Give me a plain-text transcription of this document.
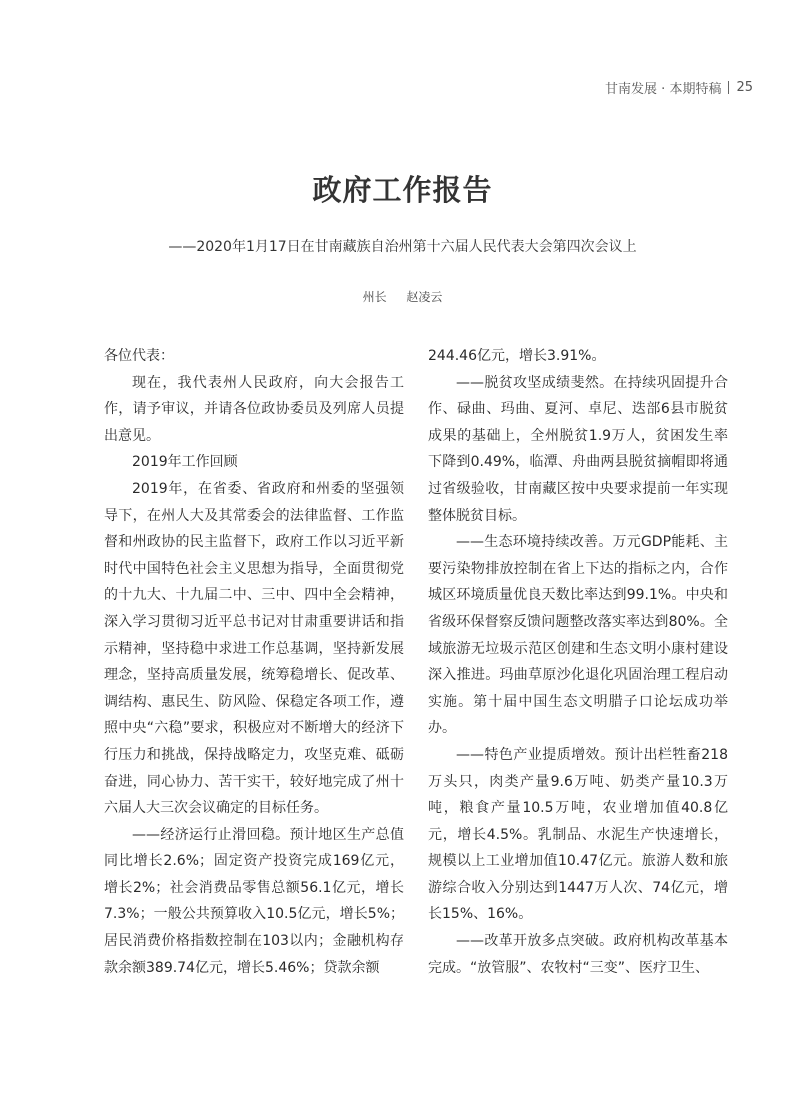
甘南发展 · 本期特稿 25
政府工作报告
——2020年1月17日在甘南藏族自治州第十六届人民代表大会第四次会议上
州长 赵凌云

各位代表：

现在，我代表州人民政府，向大会报告工作，请予审议，并请各位政协委员及列席人员提出意见。

2019年工作回顾

2019年，在省委、省政府和州委的坚强领导下，在州人大及其常委会的法律监督、工作监督和州政协的民主监督下，政府工作以习近平新时代中国特色社会主义思想为指导，全面贯彻党的十九大、十九届二中、三中、四中全会精神，深入学习贯彻习近平总书记对甘肃重要讲话和指示精神，坚持稳中求进工作总基调，坚持新发展理念，坚持高质量发展，统筹稳增长、促改革、调结构、惠民生、防风险、保稳定各项工作，遵照中央“六稳”要求，积极应对不断增大的经济下行压力和挑战，保持战略定力，攻坚克难、砥砺奋进，同心协力、苦干实干，较好地完成了州十六届人大三次会议确定的目标任务。

——经济运行止滑回稳。预计地区生产总值同比增长2.6%；固定资产投资完成169亿元，增长2%；社会消费品零售总额56.1亿元，增长7.3%；一般公共预算收入10.5亿元，增长5%；居民消费价格指数控制在103以内；金融机构存款余额389.74亿元，增长5.46%；贷款余额

244.46亿元，增长3.91%。

——脱贫攻坚成绩斐然。在持续巩固提升合作、碌曲、玛曲、夏河、卓尼、迭部6县市脱贫成果的基础上，全州脱贫1.9万人，贫困发生率下降到0.49%，临潭、舟曲两县脱贫摘帽即将通过省级验收，甘南藏区按中央要求提前一年实现整体脱贫目标。

——生态环境持续改善。万元GDP能耗、主要污染物排放控制在省上下达的指标之内，合作城区环境质量优良天数比率达到99.1%。中央和省级环保督察反馈问题整改落实率达到80%。全域旅游无垃圾示范区创建和生态文明小康村建设深入推进。玛曲草原沙化退化巩固治理工程启动实施。第十届中国生态文明腊子口论坛成功举办。

——特色产业提质增效。预计出栏牲畜218万头只，肉类产量9.6万吨、奶类产量10.3万吨，粮食产量10.5万吨，农业增加值40.8亿元，增长4.5%。乳制品、水泥生产快速增长，规模以上工业增加值10.47亿元。旅游人数和旅游综合收入分别达到1447万人次、74亿元，增长15%、16%。

——改革开放多点突破。政府机构改革基本完成。“放管服”、农牧村“三变”、医疗卫生、
